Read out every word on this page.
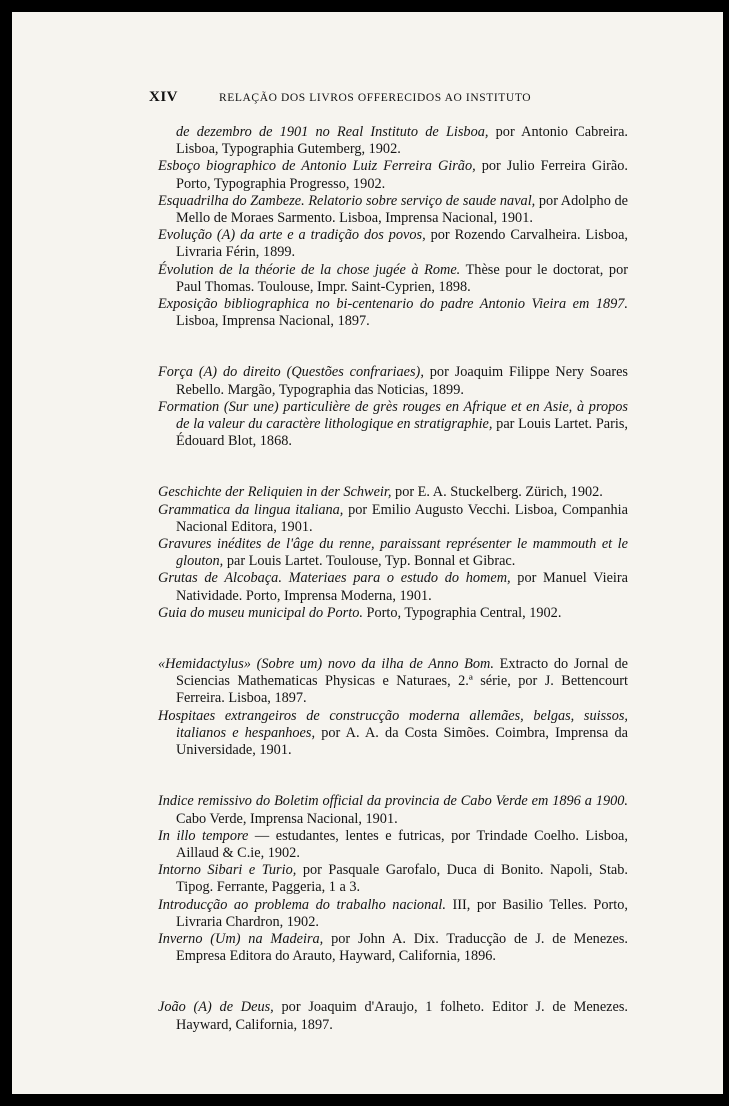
XIV	RELAÇÃO DOS LIVROS OFFERECIDOS AO INSTITUTO

de dezembro de 1901 no Real Instituto de Lisboa, por Antonio Cabreira. Lisboa, Typographia Gutemberg, 1902.

Esboço biographico de Antonio Luiz Ferreira Girão, por Julio Ferreira Girão. Porto, Typographia Progresso, 1902.

Esquadrilha do Zambeze. Relatorio sobre serviço de saude naval, por Adolpho de Mello de Moraes Sarmento. Lisboa, Imprensa Nacional, 1901.

Evolução (A) da arte e a tradição dos povos, por Rozendo Carvalheira. Lisboa, Livraria Férin, 1899.

Évolution de la théorie de la chose jugée à Rome. Thèse pour le doctorat, por Paul Thomas. Toulouse, Impr. Saint-Cyprien, 1898.

Exposição bibliographica no bi-centenario do padre Antonio Vieira em 1897. Lisboa, Imprensa Nacional, 1897.

Força (A) do direito (Questões confrariaes), por Joaquim Filippe Nery Soares Rebello. Margão, Typographia das Noticias, 1899.

Formation (Sur une) particulière de grès rouges en Afrique et en Asie, à propos de la valeur du caractère lithologique en stratigraphie, par Louis Lartet. Paris, Édouard Blot, 1868.

Geschichte der Reliquien in der Schweir, por E. A. Stuckelberg. Zürich, 1902.

Grammatica da lingua italiana, por Emilio Augusto Vecchi. Lisboa, Companhia Nacional Editora, 1901.

Gravures inédites de l'âge du renne, paraissant représenter le mammouth et le glouton, par Louis Lartet. Toulouse, Typ. Bonnal et Gibrac.

Grutas de Alcobaça. Materiaes para o estudo do homem, por Manuel Vieira Natividade. Porto, Imprensa Moderna, 1901.

Guia do museu municipal do Porto. Porto, Typographia Central, 1902.

«Hemidactylus» (Sobre um) novo da ilha de Anno Bom. Extracto do Jornal de Sciencias Mathematicas Physicas e Naturaes, 2.ª série, por J. Bettencourt Ferreira. Lisboa, 1897.

Hospitaes extrangeiros de construcção moderna allemães, belgas, suissos, italianos e hespanhoes, por A. A. da Costa Simões. Coimbra, Imprensa da Universidade, 1901.

Indice remissivo do Boletim official da provincia de Cabo Verde em 1896 a 1900. Cabo Verde, Imprensa Nacional, 1901.

In illo tempore — estudantes, lentes e futricas, por Trindade Coelho. Lisboa, Aillaud & C.ie, 1902.

Intorno Sibari e Turio, por Pasquale Garofalo, Duca di Bonito. Napoli, Stab. Tipog. Ferrante, Paggeria, 1 a 3.

Introducção ao problema do trabalho nacional. III, por Basilio Telles. Porto, Livraria Chardron, 1902.

Inverno (Um) na Madeira, por John A. Dix. Traducção de J. de Menezes. Empresa Editora do Arauto, Hayward, California, 1896.

João (A) de Deus, por Joaquim d'Araujo, 1 folheto. Editor J. de Menezes. Hayward, California, 1897.
